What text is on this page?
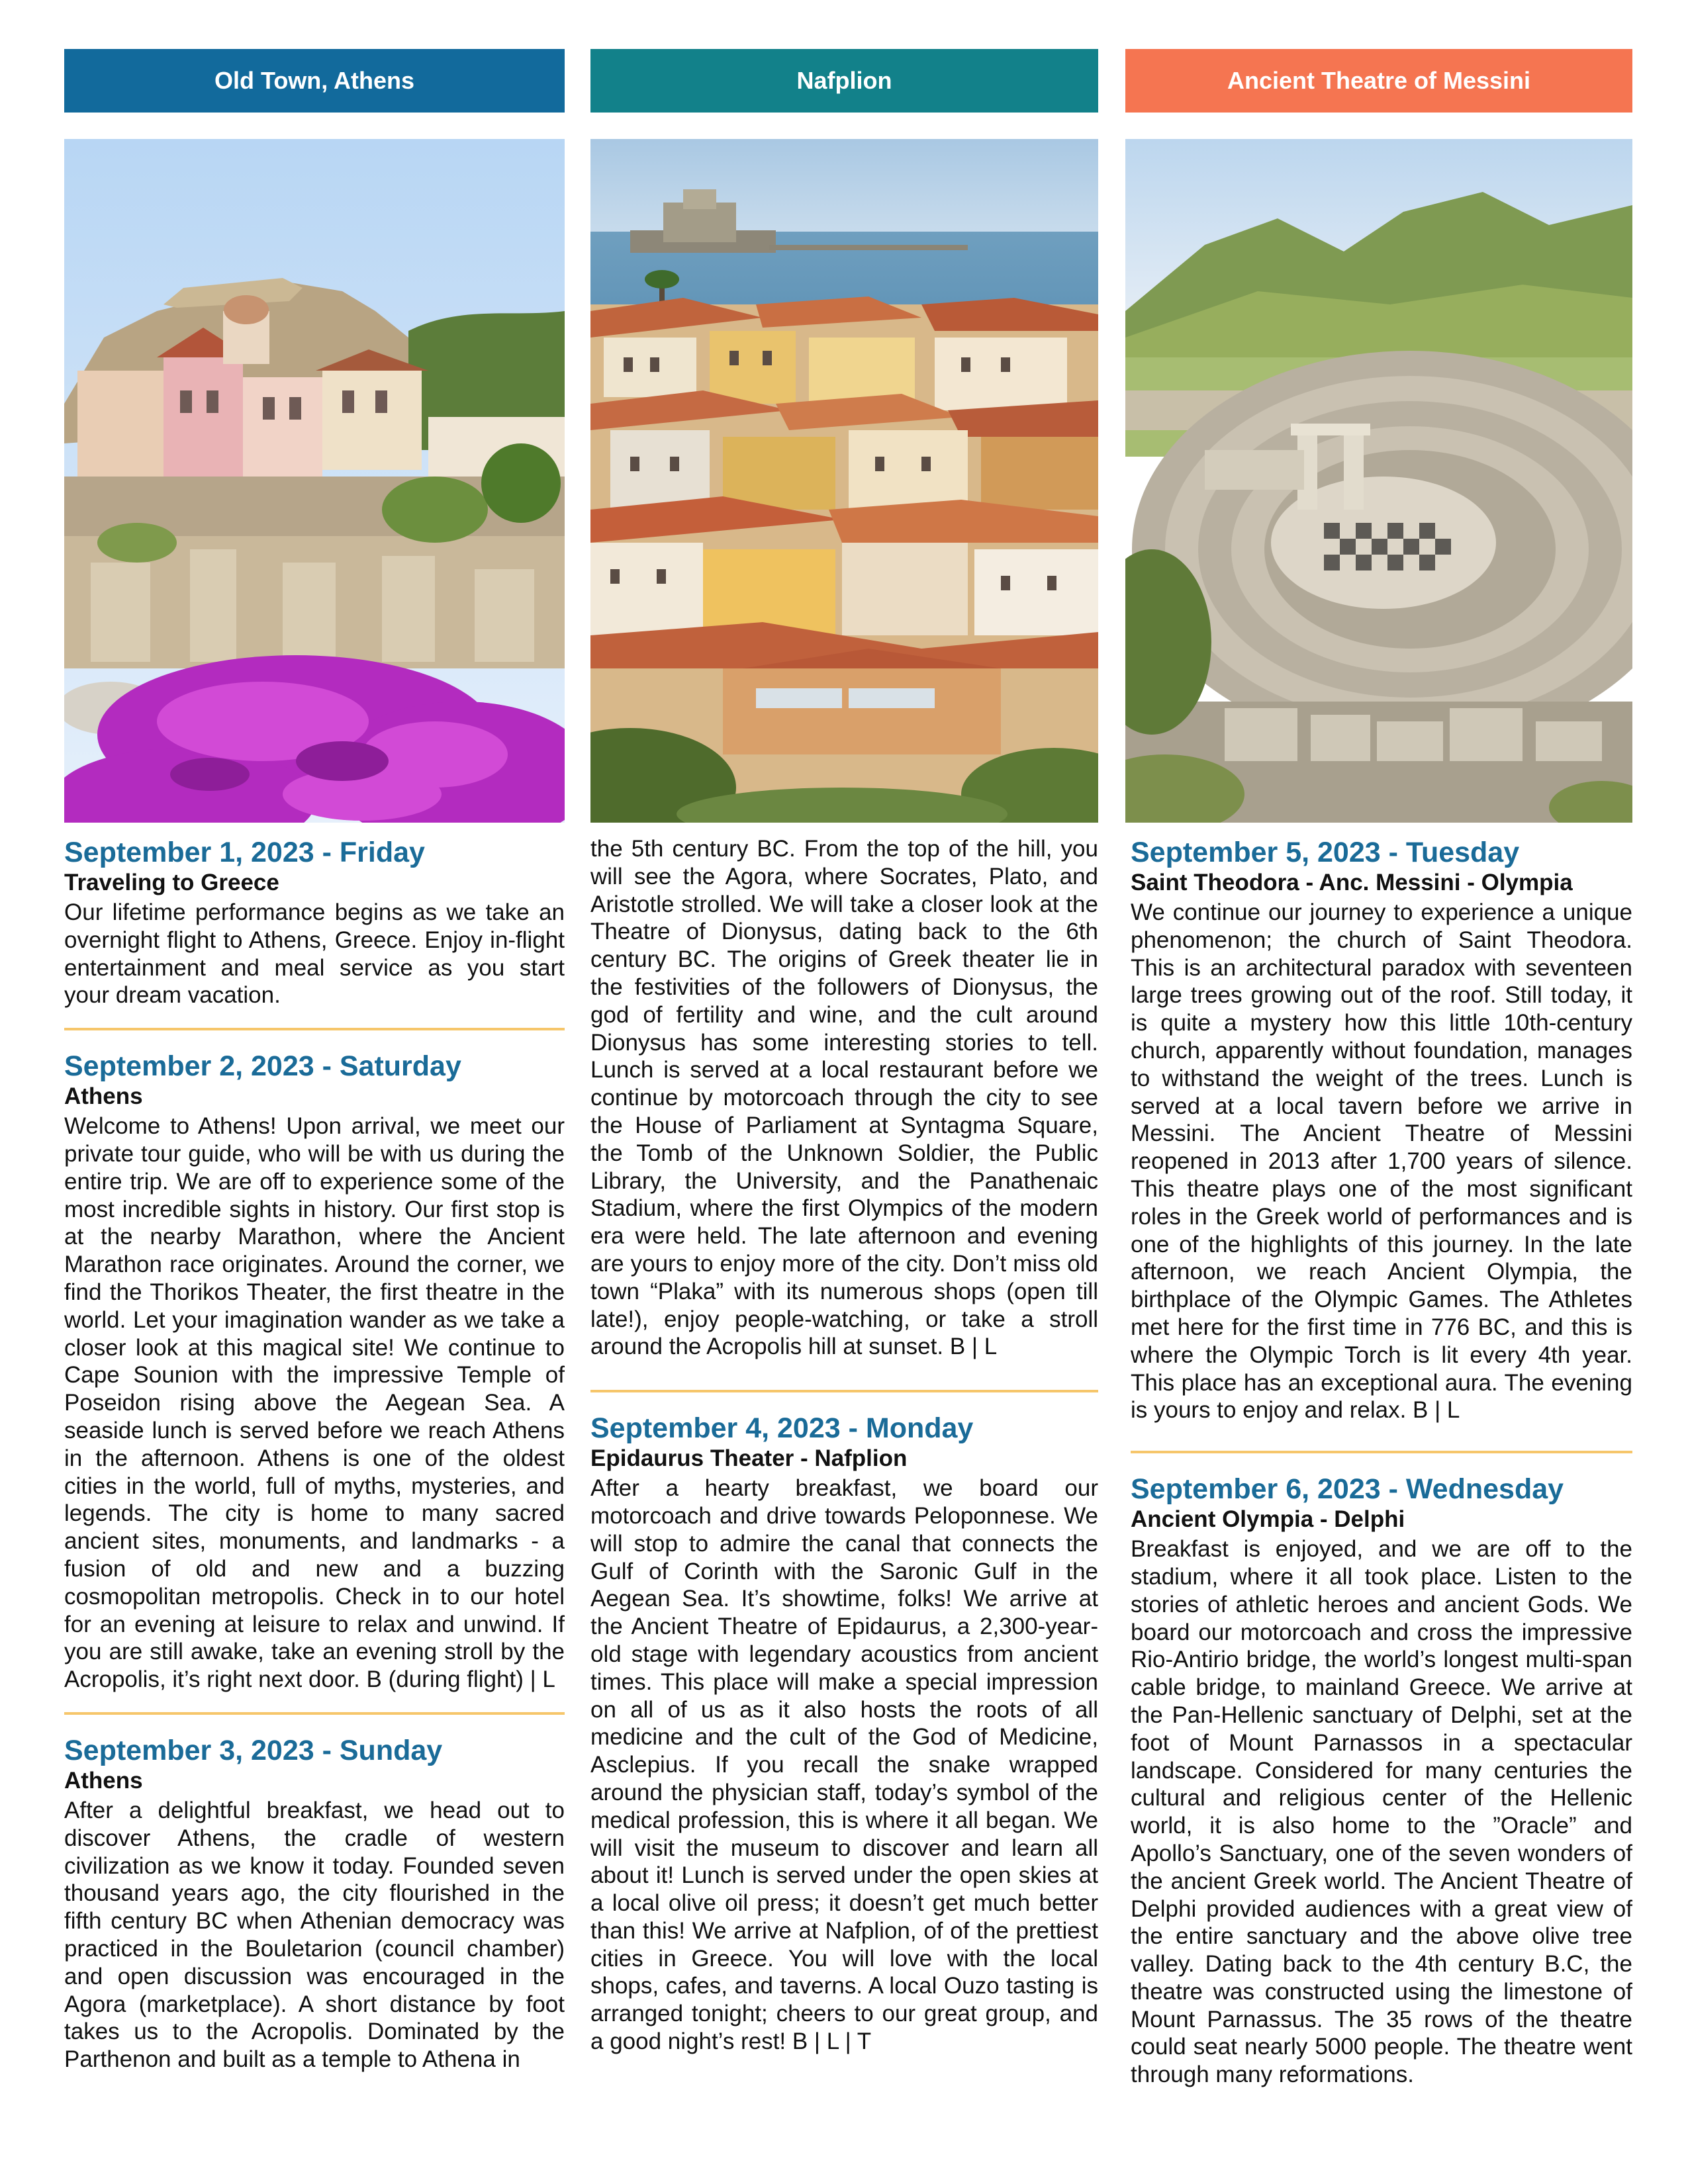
Old Town, Athens

September 1, 2023 - Friday

Traveling to Greece

Our lifetime performance begins as we take an overnight flight to Athens, Greece. Enjoy in-flight entertainment and meal service as you start your dream vacation.

September 2, 2023 - Saturday

Athens

Welcome to Athens! Upon arrival, we meet our private tour guide, who will be with us during the entire trip. We are off to experience some of the most incredible sights in history. Our first stop is at the nearby Marathon, where the Ancient Marathon race originates. Around the corner, we find the Thorikos Theater, the first theatre in the world. Let your imagination wander as we take a closer look at this magical site! We continue to Cape Sounion with the impressive Temple of Poseidon rising above the Aegean Sea. A seaside lunch is served before we reach Athens in the afternoon. Athens is one of the oldest cities in the world, full of myths, mysteries, and legends. The city is home to many sacred ancient sites, monuments, and landmarks - a fusion of old and new and a buzzing cosmopolitan metropolis. Check in to our hotel for an evening at leisure to relax and unwind. If you are still awake, take an evening stroll by the Acropolis, it’s right next door. B (during flight) | L

September 3, 2023 - Sunday

Athens

After a delightful breakfast, we head out to discover Athens, the cradle of western civilization as we know it today. Founded seven thousand years ago, the city flourished in the fifth century BC when Athenian democracy was practiced in the Bouletarion (council chamber) and open discussion was encouraged in the Agora (marketplace). A short distance by foot takes us to the Acropolis. Dominated by the Parthenon and built as a temple to Athena in

Nafplion

the 5th century BC. From the top of the hill, you will see the Agora, where Socrates, Plato, and Aristotle strolled. We will take a closer look at the Theatre of Dionysus, dating back to the 6th century BC. The origins of Greek theater lie in the festivities of the followers of Dionysus, the god of fertility and wine, and the cult around Dionysus has some interesting stories to tell. Lunch is served at a local restaurant before we continue by motorcoach through the city to see the House of Parliament at Syntagma Square, the Tomb of the Unknown Soldier, the Public Library, the University, and the Panathenaic Stadium, where the first Olympics of the modern era were held. The late afternoon and evening are yours to enjoy more of the city. Don’t miss old town “Plaka” with its numerous shops (open till late!), enjoy people-watching, or take a stroll around the Acropolis hill at sunset. B | L

September 4, 2023 - Monday

Epidaurus Theater - Nafplion

After a hearty breakfast, we board our motorcoach and drive towards Peloponnese. We will stop to admire the canal that connects the Gulf of Corinth with the Saronic Gulf in the Aegean Sea. It’s showtime, folks! We arrive at the Ancient Theatre of Epidaurus, a 2,300-year-old stage with legendary acoustics from ancient times. This place will make a special impression on all of us as it also hosts the roots of all medicine and the cult of the God of Medicine, Asclepius. If you recall the snake wrapped around the physician staff, today’s symbol of the medical profession, this is where it all began. We will visit the museum to discover and learn all about it! Lunch is served under the open skies at a local olive oil press; it doesn’t get much better than this! We arrive at Nafplion, of of the prettiest cities in Greece. You will love with the local shops, cafes, and taverns. A local Ouzo tasting is arranged tonight; cheers to our great group, and a good night’s rest! B | L | T

Ancient Theatre of Messini

September 5, 2023 - Tuesday

Saint Theodora - Anc. Messini - Olympia

We continue our journey to experience a unique phenomenon; the church of Saint Theodora. This is an architectural paradox with seventeen large trees growing out of the roof. Still today, it is quite a mystery how this little 10th-century church, apparently without foundation, manages to withstand the weight of the trees. Lunch is served at a local tavern before we arrive in Messini. The Ancient Theatre of Messini reopened in 2013 after 1,700 years of silence. This theatre plays one of the most significant roles in the Greek world of performances and is one of the highlights of this journey. In the late afternoon, we reach Ancient Olympia, the birthplace of the Olympic Games. The Athletes met here for the first time in 776 BC, and this is where the Olympic Torch is lit every 4th year. This place has an exceptional aura. The evening is yours to enjoy and relax. B | L

September 6, 2023 - Wednesday

Ancient Olympia - Delphi

Breakfast is enjoyed, and we are off to the stadium, where it all took place. Listen to the stories of athletic heroes and ancient Gods. We board our motorcoach and cross the impressive Rio-Antirio bridge, the world’s longest multi-span cable bridge, to mainland Greece. We arrive at the Pan-Hellenic sanctuary of Delphi, set at the foot of Mount Parnassos in a spectacular landscape. Considered for many centuries the cultural and religious center of the Hellenic world, it is also home to the ”Oracle” and Apollo’s Sanctuary, one of the seven wonders of the ancient Greek world. The Ancient Theatre of Delphi provided audiences with a great view of the entire sanctuary and the above olive tree valley. Dating back to the 4th century B.C, the theatre was constructed using the limestone of Mount Parnassus. The 35 rows of the theatre could seat nearly 5000 people. The theatre went through many reformations.
